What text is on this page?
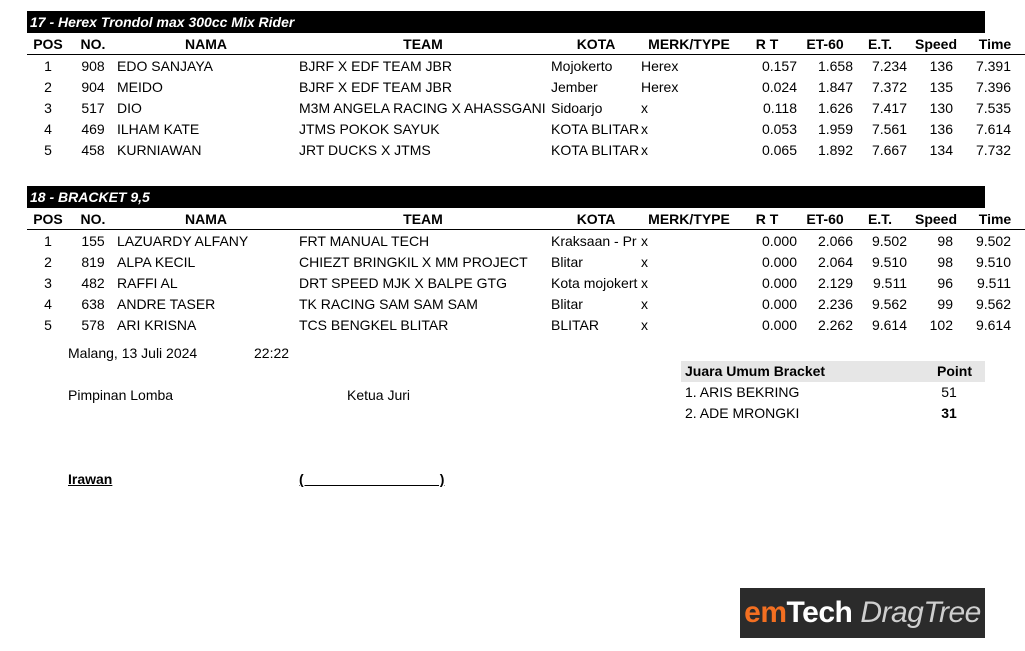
17 - Herex Trondol max 300cc Mix Rider
POS	NO.	NAMA	TEAM	KOTA	MERK/TYPE	R T	ET-60	E.T.	Speed	Time
1	908	EDO SANJAYA	BJRF X EDF TEAM JBR	Mojokerto	Herex	0.157	1.658	7.234	136	7.391
2	904	MEIDO	BJRF X EDF TEAM JBR	Jember	Herex	0.024	1.847	7.372	135	7.396
3	517	DIO	M3M ANGELA RACING X AHASSGANI	Sidoarjo	x	0.118	1.626	7.417	130	7.535
4	469	ILHAM KATE	JTMS POKOK SAYUK	KOTA BLITAR	x	0.053	1.959	7.561	136	7.614
5	458	KURNIAWAN	JRT DUCKS X JTMS	KOTA BLITAR	x	0.065	1.892	7.667	134	7.732
18 - BRACKET 9,5
POS	NO.	NAMA	TEAM	KOTA	MERK/TYPE	R T	ET-60	E.T.	Speed	Time
1	155	LAZUARDY ALFANY	FRT MANUAL TECH	Kraksaan - Pr	x	0.000	2.066	9.502	98	9.502
2	819	ALPA KECIL	CHIEZT BRINGKIL X MM PROJECT	Blitar	x	0.000	2.064	9.510	98	9.510
3	482	RAFFI AL	DRT SPEED MJK X BALPE GTG	Kota mojokert	x	0.000	2.129	9.511	96	9.511
4	638	ANDRE TASER	TK RACING SAM SAM SAM	Blitar	x	0.000	2.236	9.562	99	9.562
5	578	ARI KRISNA	TCS BENGKEL BLITAR	BLITAR	x	0.000	2.262	9.614	102	9.614
Malang, 13 Juli 2024	22:22
Pimpinan Lomba	Ketua Juri
Irawan	(                                   )
Juara Umum Bracket	Point
1. ARIS BEKRING	51
2. ADE MRONGKI	31
em Tech DragTree
